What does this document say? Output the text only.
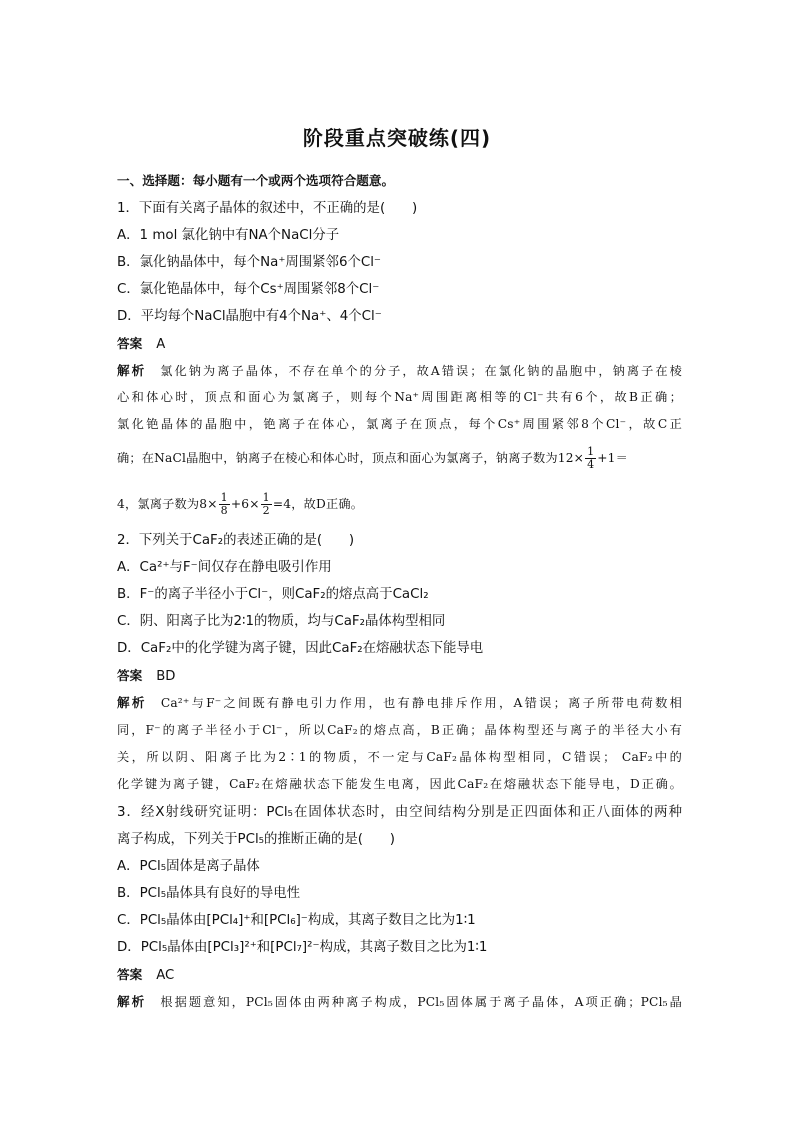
阶段重点突破练(四)
一、选择题：每小题有一个或两个选项符合题意。
1．下面有关离子晶体的叙述中，不正确的是(　　)
A．1 mol 氯化钠中有NA个NaCl分子
B．氯化钠晶体中，每个Na⁺周围紧邻6个Cl⁻
C．氯化铯晶体中，每个Cs⁺周围紧邻8个Cl⁻
D．平均每个NaCl晶胞中有4个Na⁺、4个Cl⁻
答案 A
解析 氯化钠为离子晶体，不存在单个的分子，故A错误；在氯化钠的晶胞中，钠离子在棱
心和体心时，顶点和面心为氯离子，则每个Na⁺周围距离相等的Cl⁻共有6个，故B正确；
氯化铯晶体的晶胞中，铯离子在体心，氯离子在顶点，每个Cs⁺周围紧邻8个Cl⁻，故C正
确；在NaCl晶胞中，钠离子在棱心和体心时，顶点和面心为氯离子，钠离子数为$12\times \frac{1}{4} +1=$
4，氯离子数为$8\times \frac{1}{8} +6\times \frac{1}{2} =4$，故D正确。
2．下列关于CaF₂的表述正确的是(　　)
A．Ca²⁺与F⁻间仅存在静电吸引作用
B．F⁻的离子半径小于Cl⁻，则CaF₂的熔点高于CaCl₂
C．阴、阳离子比为2∶1的物质，均与CaF₂晶体构型相同
D．CaF₂中的化学键为离子键，因此CaF₂在熔融状态下能导电
答案 BD
解析 Ca²⁺与F⁻之间既有静电引力作用，也有静电排斥作用，A错误；离子所带电荷数相
同，F⁻的离子半径小于Cl⁻，所以CaF₂的熔点高，B正确；晶体构型还与离子的半径大小有
关，所以阴、阳离子比为2∶1的物质，不一定与CaF₂晶体构型相同，C错误； CaF₂中的
化学键为离子键，CaF₂在熔融状态下能发生电离，因此CaF₂在熔融状态下能导电，D正确。
3．经X射线研究证明：PCl₅在固体状态时，由空间结构分别是正四面体和正八面体的两种
离子构成，下列关于PCl₅的推断正确的是(　　)
A．PCl₅固体是离子晶体
B．PCl₅晶体具有良好的导电性
C．PCl₅晶体由[PCl₄]⁺和[PCl₆]⁻构成，其离子数目之比为1∶1
D．PCl₅晶体由[PCl₃]²⁺和[PCl₇]²⁻构成，其离子数目之比为1∶1
答案 AC
解析 根据题意知，PCl₅固体由两种离子构成，PCl₅固体属于离子晶体，A项正确；PCl₅晶
